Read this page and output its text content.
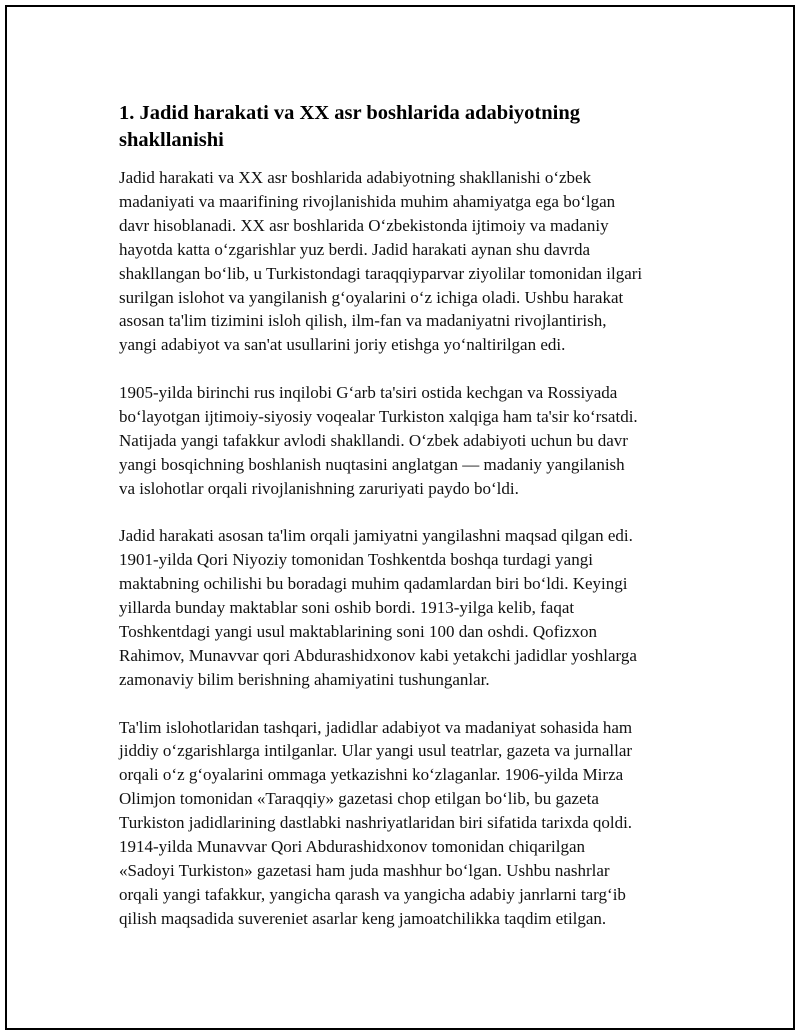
1. Jadid harakati va XX asr boshlarida adabiyotning
shakllanishi

Jadid harakati va XX asr boshlarida adabiyotning shakllanishi o‘zbek
madaniyati va maarifining rivojlanishida muhim ahamiyatga ega bo‘lgan
davr hisoblanadi. XX asr boshlarida O‘zbekistonda ijtimoiy va madaniy
hayotda katta o‘zgarishlar yuz berdi. Jadid harakati aynan shu davrda
shakllangan bo‘lib, u Turkistondagi taraqqiyparvar ziyolilar tomonidan ilgari
surilgan islohot va yangilanish g‘oyalarini o‘z ichiga oladi. Ushbu harakat
asosan ta'lim tizimini isloh qilish, ilm-fan va madaniyatni rivojlantirish,
yangi adabiyot va san'at usullarini joriy etishga yo‘naltirilgan edi.

1905-yilda birinchi rus inqilobi G‘arb ta'siri ostida kechgan va Rossiyada
bo‘layotgan ijtimoiy-siyosiy voqealar Turkiston xalqiga ham ta'sir ko‘rsatdi.
Natijada yangi tafakkur avlodi shakllandi. O‘zbek adabiyoti uchun bu davr
yangi bosqichning boshlanish nuqtasini anglatgan — madaniy yangilanish
va islohotlar orqali rivojlanishning zaruriyati paydo bo‘ldi.

Jadid harakati asosan ta'lim orqali jamiyatni yangilashni maqsad qilgan edi.
1901-yilda Qori Niyoziy tomonidan Toshkentda boshqa turdagi yangi
maktabning ochilishi bu boradagi muhim qadamlardan biri bo‘ldi. Keyingi
yillarda bunday maktablar soni oshib bordi. 1913-yilga kelib, faqat
Toshkentdagi yangi usul maktablarining soni 100 dan oshdi. Qofizxon
Rahimov, Munavvar qori Abdurashidxonov kabi yetakchi jadidlar yoshlarga
zamonaviy bilim berishning ahamiyatini tushunganlar.

Ta'lim islohotlaridan tashqari, jadidlar adabiyot va madaniyat sohasida ham
jiddiy o‘zgarishlarga intilganlar. Ular yangi usul teatrlar, gazeta va jurnallar
orqali o‘z g‘oyalarini ommaga yetkazishni ko‘zlaganlar. 1906-yilda Mirza
Olimjon tomonidan «Taraqqiy» gazetasi chop etilgan bo‘lib, bu gazeta
Turkiston jadidlarining dastlabki nashriyatlaridan biri sifatida tarixda qoldi.
1914-yilda Munavvar Qori Abdurashidxonov tomonidan chiqarilgan
«Sadoyi Turkiston» gazetasi ham juda mashhur bo‘lgan. Ushbu nashrlar
orqali yangi tafakkur, yangicha qarash va yangicha adabiy janrlarni targ‘ib
qilish maqsadida suvereniet asarlar keng jamoatchilikka taqdim etilgan.
